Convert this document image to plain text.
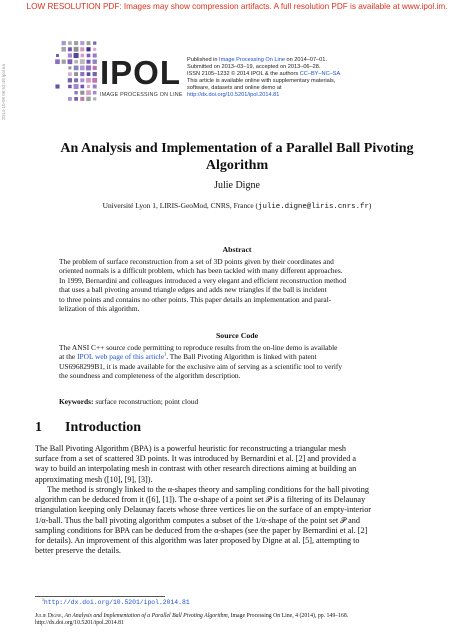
LOW RESOLUTION PDF: Images may show compression artifacts. A full resolution PDF is available at www.ipol.im.
2014-10-09 06:53:49 ipol.im	IPOL
IMAGE PROCESSING ON LINE
Published in Image Processing On Line on 2014–07–01.
Submitted on 2013–03–19, accepted on 2013–06–28.
ISSN 2105–1232 © 2014 IPOL & the authors CC–BY–NC–SA
This article is available online with supplementary materials,
software, datasets and online demo at
http://dx.doi.org/10.5201/ipol.2014.81
An Analysis and Implementation of a Parallel Ball Pivoting
Algorithm
Julie Digne
Université Lyon 1, LIRIS-GeoMod, CNRS, France (julie.digne@liris.cnrs.fr)
Abstract
The problem of surface reconstruction from a set of 3D points given by their coordinates and
oriented normals is a difficult problem, which has been tackled with many different approaches.
In 1999, Bernardini and colleagues introduced a very elegant and efficient reconstruction method
that uses a ball pivoting around triangle edges and adds new triangles if the ball is incident
to three points and contains no other points. This paper details an implementation and paral-
lelization of this algorithm.
Source Code
The ANSI C++ source code permitting to reproduce results from the on-line demo is available
at the IPOL web page of this article$^1$. The Ball Pivoting Algorithm is linked with patent
US6968299B1, it is made available for the exclusive aim of serving as a scientific tool to verify
the soundness and completeness of the algorithm description.
Keywords: surface reconstruction; point cloud
1 Introduction
The Ball Pivoting Algorithm (BPA) is a powerful heuristic for reconstructing a triangular mesh
surface from a set of scattered 3D points. It was introduced by Bernardini et al. [2] and provided a
way to build an interpolating mesh in contrast with other research directions aiming at building an
approximating mesh ([10], [9], [3]).
The method is strongly linked to the α-shapes theory and sampling conditions for the ball pivoting
algorithm can be deduced from it ([6], [1]). The α-shape of a point set 𝒫 is a filtering of its Delaunay
triangulation keeping only Delaunay facets whose three vertices lie on the surface of an empty-interior
1/α-ball. Thus the ball pivoting algorithm computes a subset of the 1/α-shape of the point set 𝒫 and
sampling conditions for BPA can be deduced from the α-shapes (see the paper by Bernardini et al. [2]
for details). An improvement of this algorithm was later proposed by Digne at al. [5], attempting to
better preserve the details.
$^1$http://dx.doi.org/10.5201/ipol.2014.81
Julie Digne, An Analysis and Implementation of a Parallel Ball Pivoting Algorithm, Image Processing On Line, 4 (2014), pp. 149–168.
http://dx.doi.org/10.5201/ipol.2014.81
